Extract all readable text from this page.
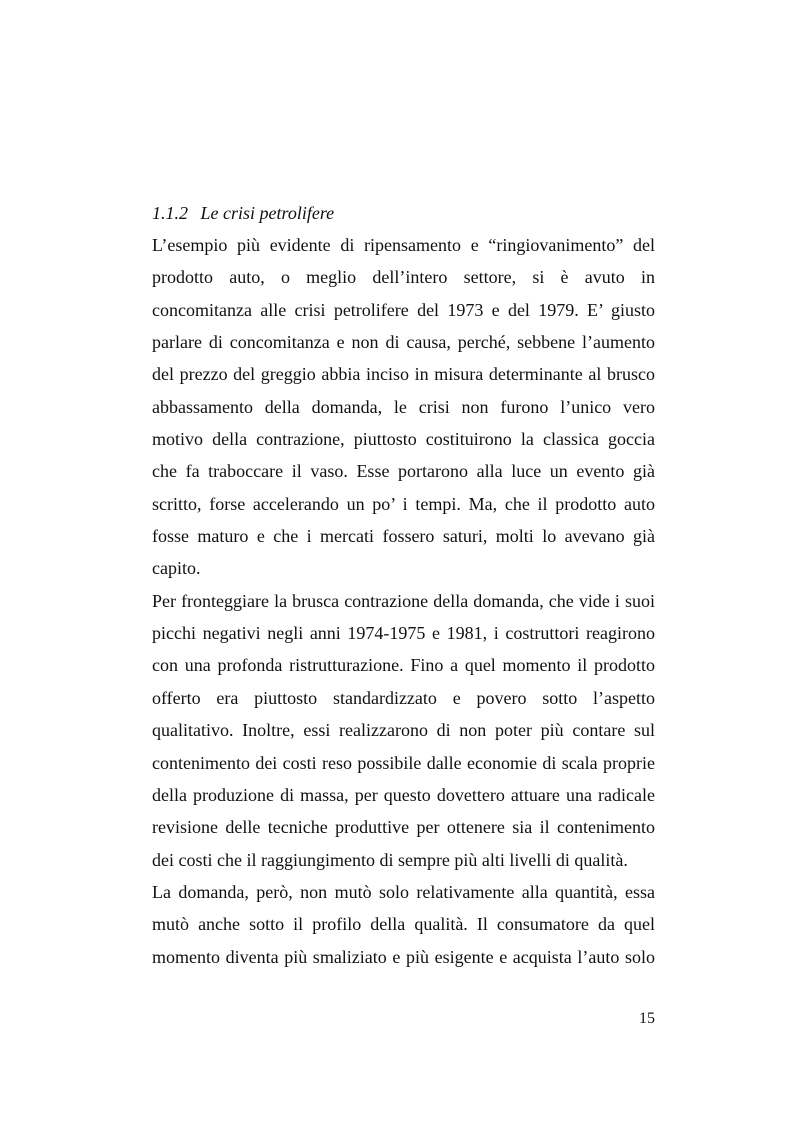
1.1.2 Le crisi petrolifere
L’esempio più evidente di ripensamento e “ringiovanimento” del
prodotto auto, o meglio dell’intero settore, si è avuto in
concomitanza alle crisi petrolifere del 1973 e del 1979. E’ giusto
parlare di concomitanza e non di causa, perché, sebbene l’aumento
del prezzo del greggio abbia inciso in misura determinante al brusco
abbassamento della domanda, le crisi non furono l’unico vero
motivo della contrazione, piuttosto costituirono la classica goccia
che fa traboccare il vaso. Esse portarono alla luce un evento già
scritto, forse accelerando un po’ i tempi. Ma, che il prodotto auto
fosse maturo e che i mercati fossero saturi, molti lo avevano già
capito.
Per fronteggiare la brusca contrazione della domanda, che vide i suoi
picchi negativi negli anni 1974-1975 e 1981, i costruttori reagirono
con una profonda ristrutturazione. Fino a quel momento il prodotto
offerto era piuttosto standardizzato e povero sotto l’aspetto
qualitativo. Inoltre, essi realizzarono di non poter più contare sul
contenimento dei costi reso possibile dalle economie di scala proprie
della produzione di massa, per questo dovettero attuare una radicale
revisione delle tecniche produttive per ottenere sia il contenimento
dei costi che il raggiungimento di sempre più alti livelli di qualità.
La domanda, però, non mutò solo relativamente alla quantità, essa
mutò anche sotto il profilo della qualità. Il consumatore da quel
momento diventa più smaliziato e più esigente e acquista l’auto solo
15
